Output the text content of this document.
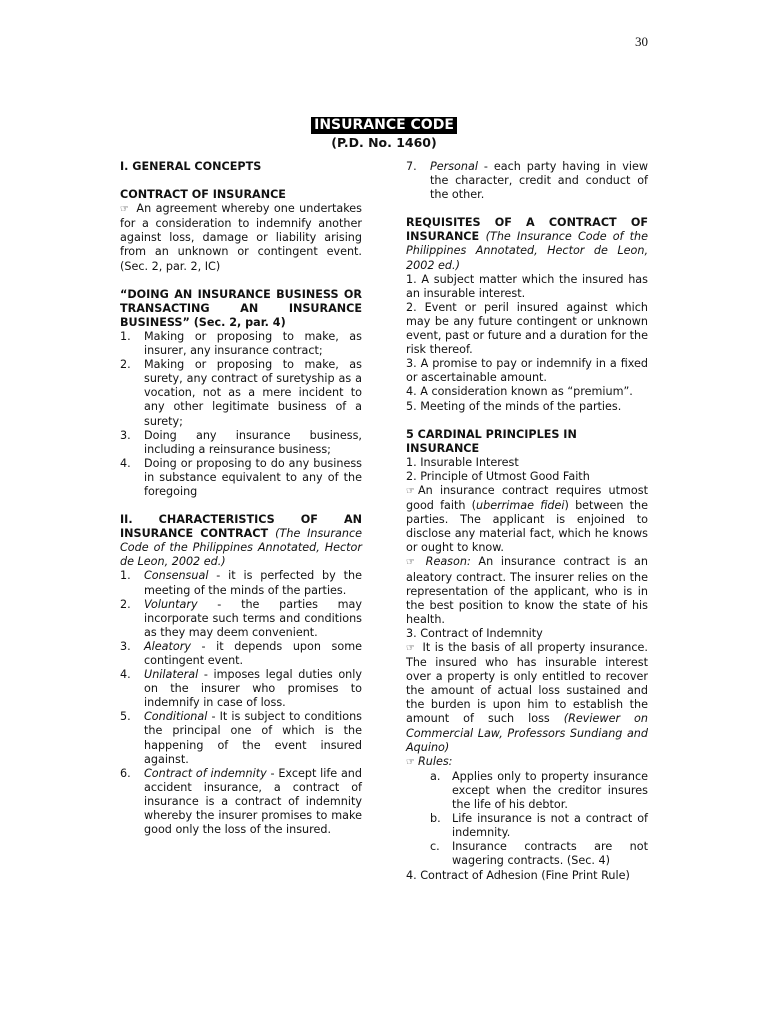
30
INSURANCE CODE
(P.D. No. 1460)

I. GENERAL CONCEPTS

CONTRACT OF INSURANCE

☞ An agreement whereby one undertakes for a consideration to indemnify another against loss, damage or liability arising from an unknown or contingent event. (Sec. 2, par. 2, IC)

“DOING AN INSURANCE BUSINESS OR TRANSACTING AN INSURANCE BUSINESS” (Sec. 2, par. 4)

1.	Making or proposing to make, as insurer, any insurance contract;
2.	Making or proposing to make, as surety, any contract of suretyship as a vocation, not as a mere incident to any other legitimate business of a surety;
3.	Doing any insurance business, including a reinsurance business;
4.	Doing or proposing to do any business in substance equivalent to any of the foregoing

II. CHARACTERISTICS OF AN INSURANCE CONTRACT (The Insurance Code of the Philippines Annotated, Hector de Leon, 2002 ed.)

1.	Consensual - it is perfected by the meeting of the minds of the parties.
2.	Voluntary - the parties may incorporate such terms and conditions as they may deem convenient.
3.	Aleatory - it depends upon some contingent event.
4.	Unilateral - imposes legal duties only on the insurer who promises to indemnify in case of loss.
5.	Conditional - It is subject to conditions the principal one of which is the happening of the event insured against.
6.	Contract of indemnity - Except life and accident insurance, a contract of insurance is a contract of indemnity whereby the insurer promises to make good only the loss of the insured.
7.	Personal - each party having in view the character, credit and conduct of the other.

REQUISITES OF A CONTRACT OF INSURANCE (The Insurance Code of the Philippines Annotated, Hector de Leon, 2002 ed.)

1. A subject matter which the insured has an insurable interest.

2. Event or peril insured against which may be any future contingent or unknown event, past or future and a duration for the risk thereof.

3. A promise to pay or indemnify in a fixed or ascertainable amount.

4. A consideration known as “premium”.

5. Meeting of the minds of the parties.

5 CARDINAL PRINCIPLES IN INSURANCE

1. Insurable Interest

2. Principle of Utmost Good Faith

☞ An insurance contract requires utmost good faith (uberrimae fidei) between the parties. The applicant is enjoined to disclose any material fact, which he knows or ought to know.

☞ Reason: An insurance contract is an aleatory contract. The insurer relies on the representation of the applicant, who is in the best position to know the state of his health.

3. Contract of Indemnity

☞ It is the basis of all property insurance. The insured who has insurable interest over a property is only entitled to recover the amount of actual loss sustained and the burden is upon him to establish the amount of such loss (Reviewer on Commercial Law, Professors Sundiang and Aquino)

☞ Rules:

a.	Applies only to property insurance except when the creditor insures the life of his debtor.
b.	Life insurance is not a contract of indemnity.
c.	Insurance contracts are not wagering contracts. (Sec. 4)

4. Contract of Adhesion (Fine Print Rule)
